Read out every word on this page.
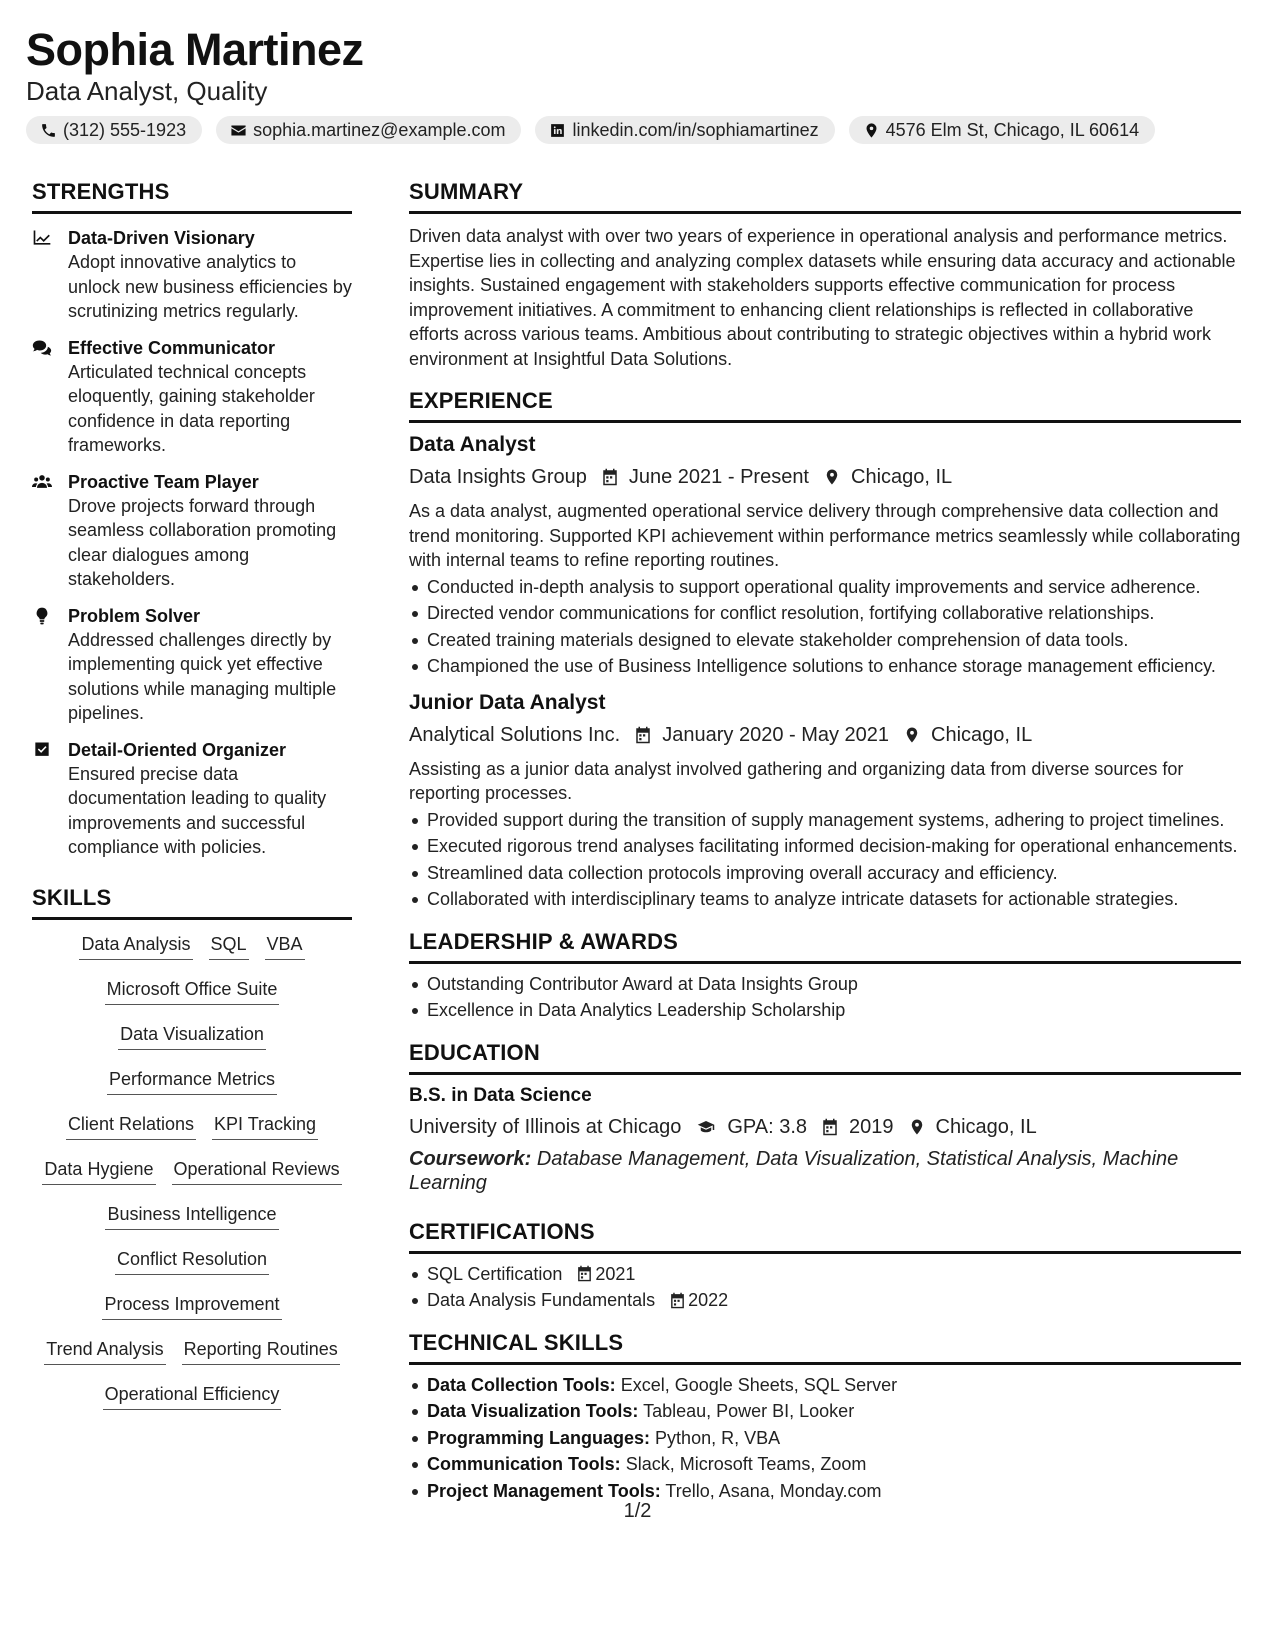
Sophia Martinez
Data Analyst, Quality
(312) 555-1923	sophia.martinez@example.com	linkedin.com/in/sophiamartinez	4576 Elm St, Chicago, IL 60614
STRENGTHS
Data-Driven Visionary
Adopt innovative analytics to unlock new business efficiencies by scrutinizing metrics regularly.
Effective Communicator
Articulated technical concepts eloquently, gaining stakeholder confidence in data reporting frameworks.
Proactive Team Player
Drove projects forward through seamless collaboration promoting clear dialogues among stakeholders.
Problem Solver
Addressed challenges directly by implementing quick yet effective solutions while managing multiple pipelines.
Detail-Oriented Organizer
Ensured precise data documentation leading to quality improvements and successful compliance with policies.
SKILLS
Data Analysis SQL VBA
Microsoft Office Suite
Data Visualization
Performance Metrics
Client Relations KPI Tracking
Data Hygiene Operational Reviews
Business Intelligence
Conflict Resolution
Process Improvement
Trend Analysis Reporting Routines
Operational Efficiency
SUMMARY
Driven data analyst with over two years of experience in operational analysis and performance metrics. Expertise lies in collecting and analyzing complex datasets while ensuring data accuracy and actionable insights. Sustained engagement with stakeholders supports effective communication for process improvement initiatives. A commitment to enhancing client relationships is reflected in collaborative efforts across various teams. Ambitious about contributing to strategic objectives within a hybrid work environment at Insightful Data Solutions.
EXPERIENCE
Data Analyst
Data Insights Group June 2021 - Present Chicago, IL
As a data analyst, augmented operational service delivery through comprehensive data collection and trend monitoring. Supported KPI achievement within performance metrics seamlessly while collaborating with internal teams to refine reporting routines.
Conducted in-depth analysis to support operational quality improvements and service adherence.
Directed vendor communications for conflict resolution, fortifying collaborative relationships.
Created training materials designed to elevate stakeholder comprehension of data tools.
Championed the use of Business Intelligence solutions to enhance storage management efficiency.
Junior Data Analyst
Analytical Solutions Inc. January 2020 - May 2021 Chicago, IL
Assisting as a junior data analyst involved gathering and organizing data from diverse sources for reporting processes.
Provided support during the transition of supply management systems, adhering to project timelines.
Executed rigorous trend analyses facilitating informed decision-making for operational enhancements.
Streamlined data collection protocols improving overall accuracy and efficiency.
Collaborated with interdisciplinary teams to analyze intricate datasets for actionable strategies.
LEADERSHIP & AWARDS
Outstanding Contributor Award at Data Insights Group
Excellence in Data Analytics Leadership Scholarship
EDUCATION
B.S. in Data Science
University of Illinois at Chicago GPA: 3.8 2019 Chicago, IL
Coursework: Database Management, Data Visualization, Statistical Analysis, Machine Learning
CERTIFICATIONS
SQL Certification 2021
Data Analysis Fundamentals 2022
TECHNICAL SKILLS
Data Collection Tools: Excel, Google Sheets, SQL Server
Data Visualization Tools: Tableau, Power BI, Looker
Programming Languages: Python, R, VBA
Communication Tools: Slack, Microsoft Teams, Zoom
Project Management Tools: Trello, Asana, Monday.com
1/2
